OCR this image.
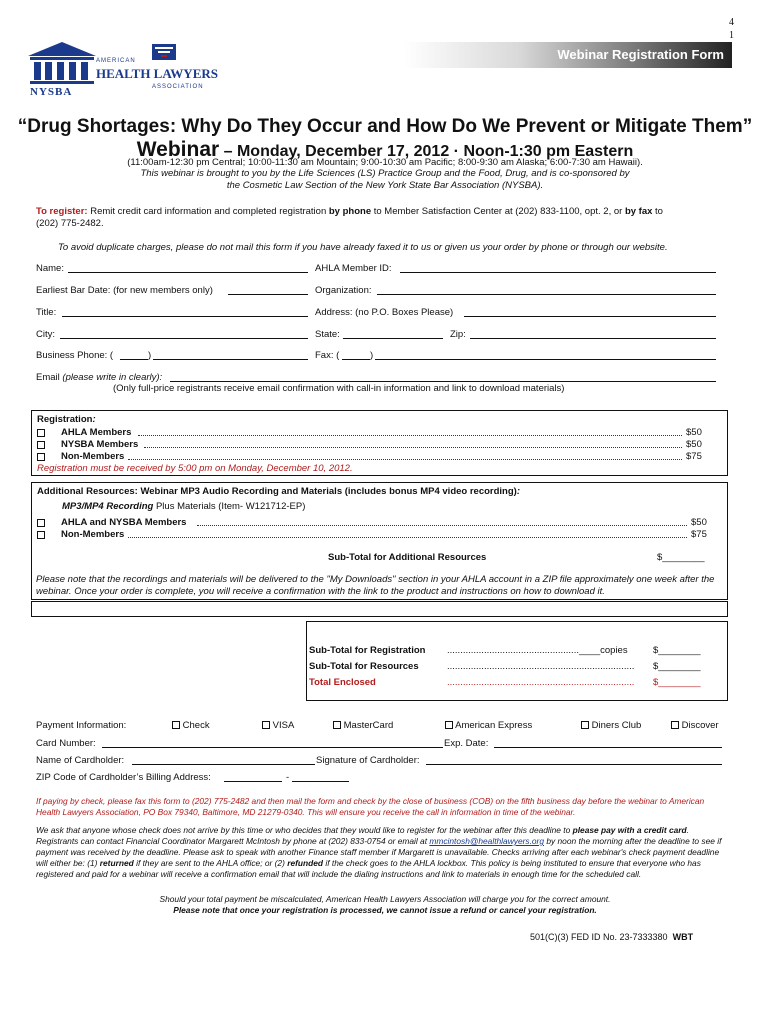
4
1
Webinar Registration Form
NYSBA
AMERICAN
HEALTH LAWYERS
ASSOCIATION
“Drug Shortages: Why Do They Occur and How Do We Prevent or Mitigate Them”
Webinar – Monday, December 17, 2012 · Noon-1:30 pm Eastern
(11:00am-12:30 pm Central; 10:00-11:30 am Mountain; 9:00-10:30 am Pacific; 8:00-9:30 am Alaska; 6:00-7:30 am Hawaii).
This webinar is brought to you by the Life Sciences (LS) Practice Group and the Food, Drug, and is co-sponsored by
the Cosmetic Law Section of the New York State Bar Association (NYSBA).
To register: Remit credit card information and completed registration by phone to Member Satisfaction Center at (202) 833-1100, opt. 2, or by fax to
(202) 775-2482.
To avoid duplicate charges, please do not mail this form if you have already faxed it to us or given us your order by phone or through our website.
Name:	AHLA Member ID:
Earliest Bar Date: (for new members only)	Organization:
Title:	Address: (no P.O. Boxes Please)
City:	State:	Zip:
Business Phone: (	)	Fax: (	)
Email (please write in clearly):
(Only full-price registrants receive email confirmation with call-in information and link to download materials)
Registration:
AHLA Members	$50
NYSBA Members	$50
Non-Members	$75
Registration must be received by 5:00 pm on Monday, December 10, 2012.
Additional Resources: Webinar MP3 Audio Recording and Materials (includes bonus MP4 video recording):
MP3/MP4 Recording Plus Materials (Item- W121712-EP)
AHLA and NYSBA Members	$50
Non-Members	$75
Sub-Total for Additional Resources	$________
Please note that the recordings and materials will be delivered to the "My Downloads" section in your AHLA account in a ZIP file approximately one week after the webinar. Once your order is complete, you will receive a confirmation with the link to the product and instructions on how to download it.
Sub-Total for Registration ..................................................____copies	$________
Sub-Total for Resources	....................................................................... $________
Total Enclosed	....................................................................... $________
Payment Information:	Check	VISA	MasterCard	American Express	Diners Club	Discover
Card Number:	Exp. Date:
Name of Cardholder:	Signature of Cardholder:
ZIP Code of Cardholder’s Billing Address:	-
If paying by check, please fax this form to (202) 775-2482 and then mail the form and check by the close of business (COB) on the fifth business day before the webinar to American Health Lawyers Association, PO Box 79340, Baltimore, MD 21279-0340. This will ensure you receive the call in information in time of the webinar.
We ask that anyone whose check does not arrive by this time or who decides that they would like to register for the webinar after this deadline to please pay with a credit card. Registrants can contact Financial Coordinator Margarett McIntosh by phone at (202) 833-0754 or email at mmcintosh@healthlawyers.org by noon the morning after the deadline to see if payment was received by the deadline. Please ask to speak with another Finance staff member if Margarett is unavailable. Checks arriving after each webinar's check payment deadline will either be: (1) returned if they are sent to the AHLA office; or (2) refunded if the check goes to the AHLA lockbox. This policy is being instituted to ensure that everyone who has registered and paid for a webinar will receive a confirmation email that will include the dialing instructions and link to materials in enough time for the scheduled call.
Should your total payment be miscalculated, American Health Lawyers Association will charge you for the correct amount.
Please note that once your registration is processed, we cannot issue a refund or cancel your registration.
501(C)(3) FED ID No. 23-7333380 WBT
